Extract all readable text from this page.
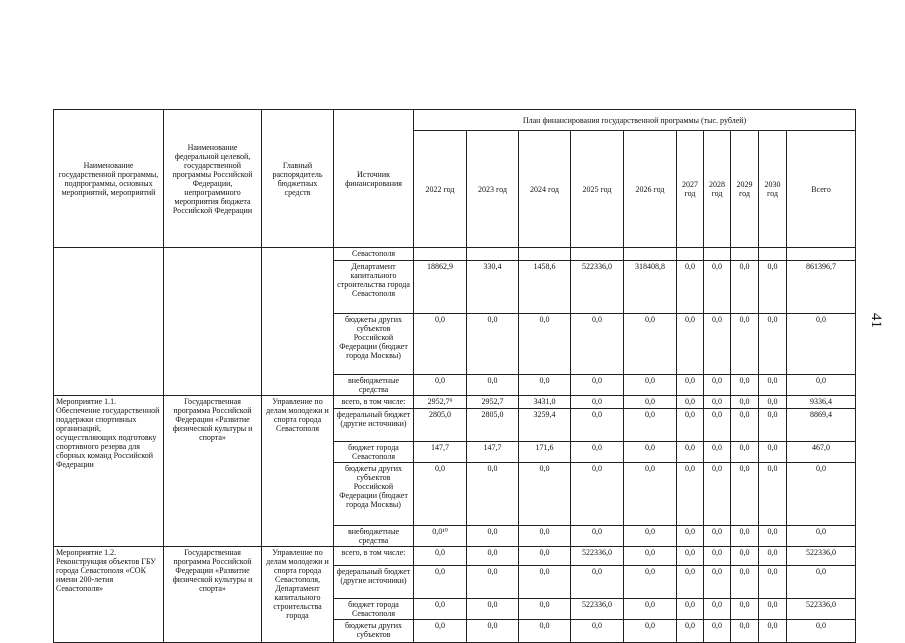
Наименование государственной программы, подпрограммы, основных мероприятий, мероприятий	Наименование федеральной целевой, государственной программы Российской Федерации, непрограммного мероприятия бюджета Российской Федерации	Главный распорядитель бюджетных средств	Источник финансирования	План финансирования государственной программы (тыс. рублей)									
				2022 год	2023 год	2024 год	2025 год	2026 год	2027 год	2028 год	2029 год	2030 год	Всего
			Севастополя										
			Департамент капитального строительства города Севастополя	18862,9	330,4	1458,6	522336,0	318408,8	0,0	0,0	0,0	0,0	861396,7
			бюджеты других субъектов Российской Федерации (бюджет города Москвы)	0,0	0,0	0,0	0,0	0,0	0,0	0,0	0,0	0,0	0,0
			внебюджетные средства	0,0	0,0	0,0	0,0	0,0	0,0	0,0	0,0	0,0	0,0
Мероприятие 1.1. Обеспечение государственной поддержки спортивных организаций, осуществляющих подготовку спортивного резерва для сборных команд Российской Федерации	Государственная программа Российской Федерации «Развитие физической культуры и спорта»	Управление по делам молодежи и спорта города Севастополя	всего, в том числе:	2952,7⁹	2952,7	3431,0	0,0	0,0	0,0	0,0	0,0	0,0	9336,4
			федеральный бюджет (другие источники)	2805,0	2805,0	3259,4	0,0	0,0	0,0	0,0	0,0	0,0	8869,4
			бюджет города Севастополя	147,7	147,7	171,6	0,0	0,0	0,0	0,0	0,0	0,0	467,0
			бюджеты других субъектов Российской Федерации (бюджет города Москвы)	0,0	0,0	0,0	0,0	0,0	0,0	0,0	0,0	0,0	0,0
			внебюджетные средства	0,0¹⁰	0,0	0,0	0,0	0,0	0,0	0,0	0,0	0,0	0,0
Мероприятие 1.2. Реконструкция объектов ГБУ города Севастополя «СОК имени 200-летия Севастополя»	Государственная программа Российской Федерации «Развитие физической культуры и спорта»	Управление по делам молодежи и спорта города Севастополя, Департамент капитального строительства города	всего, в том числе:	0,0	0,0	0,0	522336,0	0,0	0,0	0,0	0,0	0,0	522336,0
			федеральный бюджет (другие источники)	0,0	0,0	0,0	0,0	0,0	0,0	0,0	0,0	0,0	0,0
			бюджет города Севастополя	0,0	0,0	0,0	522336,0	0,0	0,0	0,0	0,0	0,0	522336,0
			бюджеты других субъектов	0,0	0,0	0,0	0,0	0,0	0,0	0,0	0,0	0,0	0,0
41
